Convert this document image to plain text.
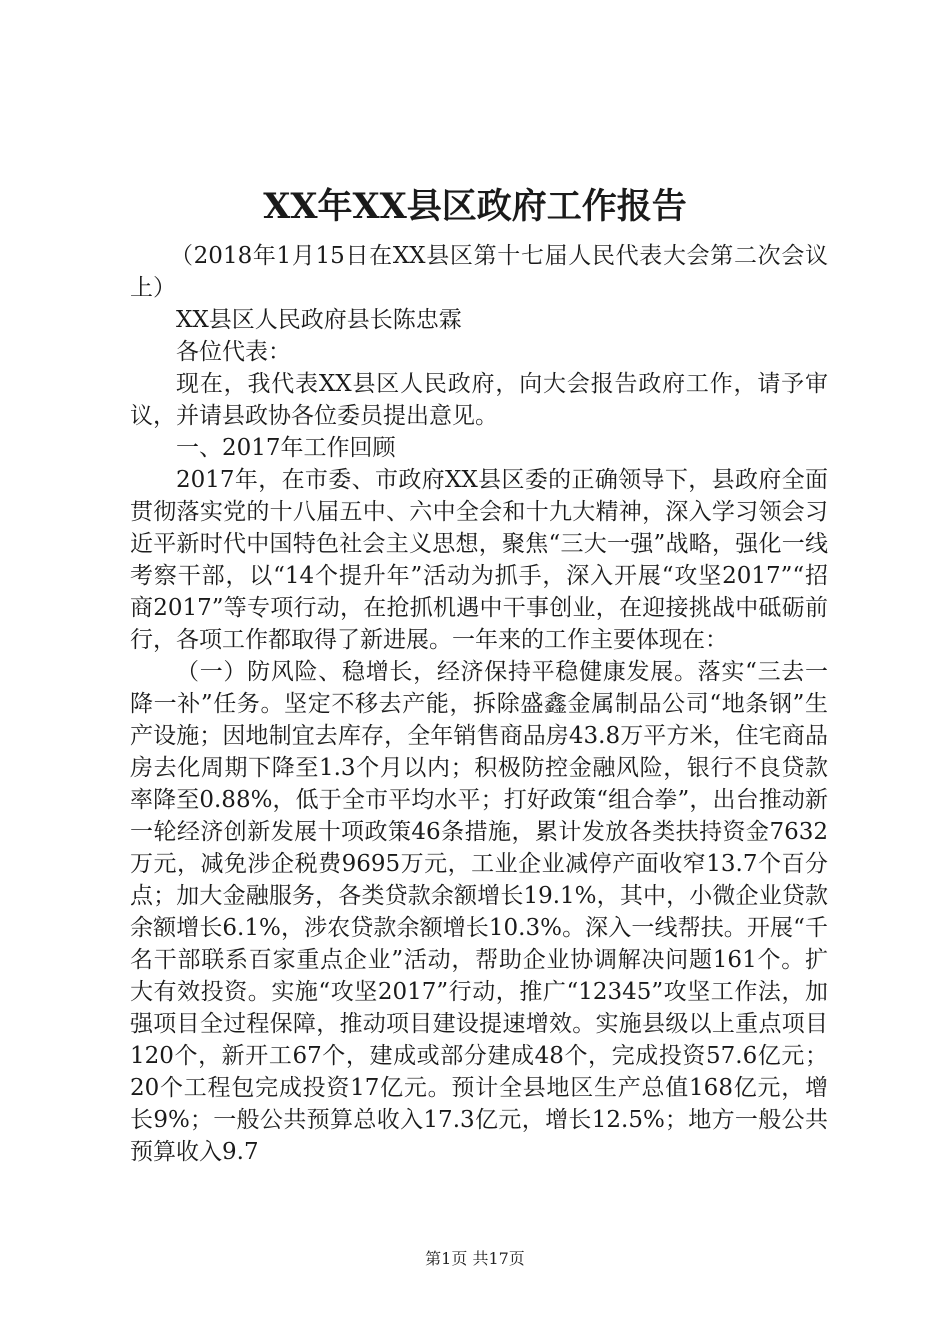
XX年XX县区政府工作报告

（2018年1月15日在XX县区第十七届人民代表大会第二次会议上）

XX县区人民政府县长陈忠霖

各位代表：

现在，我代表XX县区人民政府，向大会报告政府工作，请予审议，并请县政协各位委员提出意见。

一、2017年工作回顾

2017年，在市委、市政府XX县区委的正确领导下，县政府全面贯彻落实党的十八届五中、六中全会和十九大精神，深入学习领会习近平新时代中国特色社会主义思想，聚焦“三大一强”战略，强化一线考察干部，以“14个提升年”活动为抓手，深入开展“攻坚2017”“招商2017”等专项行动，在抢抓机遇中干事创业，在迎接挑战中砥砺前行，各项工作都取得了新进展。一年来的工作主要体现在：

（一）防风险、稳增长，经济保持平稳健康发展。落实“三去一降一补”任务。坚定不移去产能，拆除盛鑫金属制品公司“地条钢”生产设施；因地制宜去库存，全年销售商品房43.8万平方米，住宅商品房去化周期下降至1.3个月以内；积极防控金融风险，银行不良贷款率降至0.88%，低于全市平均水平；打好政策“组合拳”，出台推动新一轮经济创新发展十项政策46条措施，累计发放各类扶持资金7632万元，减免涉企税费9695万元，工业企业减停产面收窄13.7个百分点；加大金融服务，各类贷款余额增长19.1%，其中，小微企业贷款余额增长6.1%，涉农贷款余额增长10.3%。深入一线帮扶。开展“千名干部联系百家重点企业”活动，帮助企业协调解决问题161个。扩大有效投资。实施“攻坚2017”行动，推广“12345”攻坚工作法，加强项目全过程保障，推动项目建设提速增效。实施县级以上重点项目120个，新开工67个，建成或部分建成48个，完成投资57.6亿元；20个工程包完成投资17亿元。预计全县地区生产总值168亿元，增长9%；一般公共预算总收入17.3亿元，增长12.5%；地方一般公共预算收入9.7

第1页 共17页
